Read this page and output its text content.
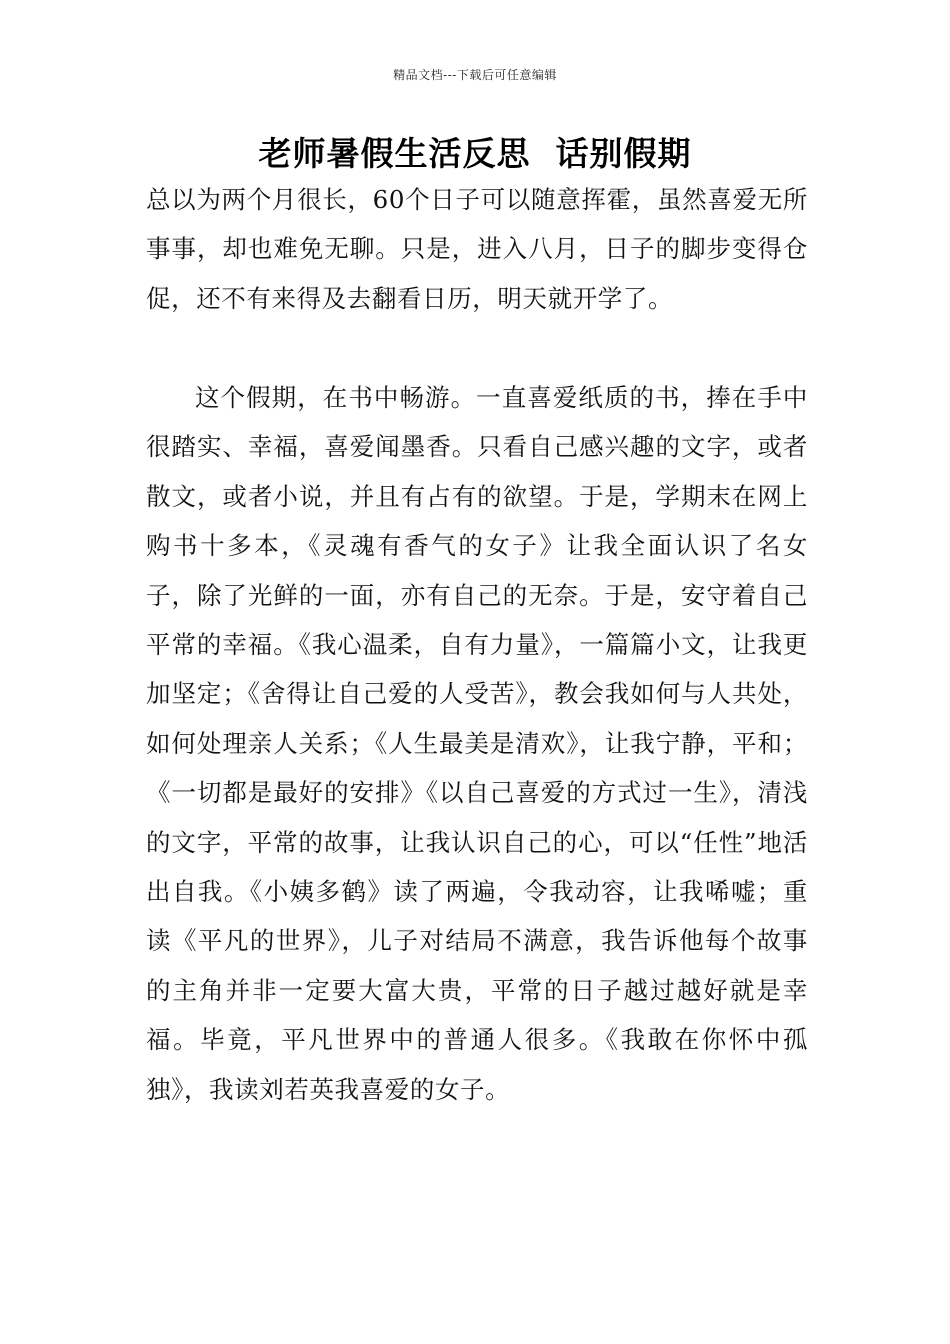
精品文档---下载后可任意编辑
老师暑假生活反思  话别假期

总以为两个月很长，60个日子可以随意挥霍，虽然喜爱无所事事，却也难免无聊。只是，进入八月，日子的脚步变得仓促，还不有来得及去翻看日历，明天就开学了。

这个假期，在书中畅游。一直喜爱纸质的书，捧在手中很踏实、幸福，喜爱闻墨香。只看自己感兴趣的文字，或者散文，或者小说，并且有占有的欲望。于是，学期末在网上购书十多本，《灵魂有香气的女子》让我全面认识了名女子，除了光鲜的一面，亦有自己的无奈。于是，安守着自己平常的幸福。《我心温柔，自有力量》，一篇篇小文，让我更加坚定；《舍得让自己爱的人受苦》，教会我如何与人共处，如何处理亲人关系；《人生最美是清欢》，让我宁静，平和；《一切都是最好的安排》《以自己喜爱的方式过一生》，清浅的文字，平常的故事，让我认识自己的心，可以“任性”地活出自我。《小姨多鹤》读了两遍，令我动容，让我唏嘘；重读《平凡的世界》，儿子对结局不满意，我告诉他每个故事的主角并非一定要大富大贵，平常的日子越过越好就是幸福。毕竟，平凡世界中的普通人很多。《我敢在你怀中孤独》，我读刘若英我喜爱的女子。
